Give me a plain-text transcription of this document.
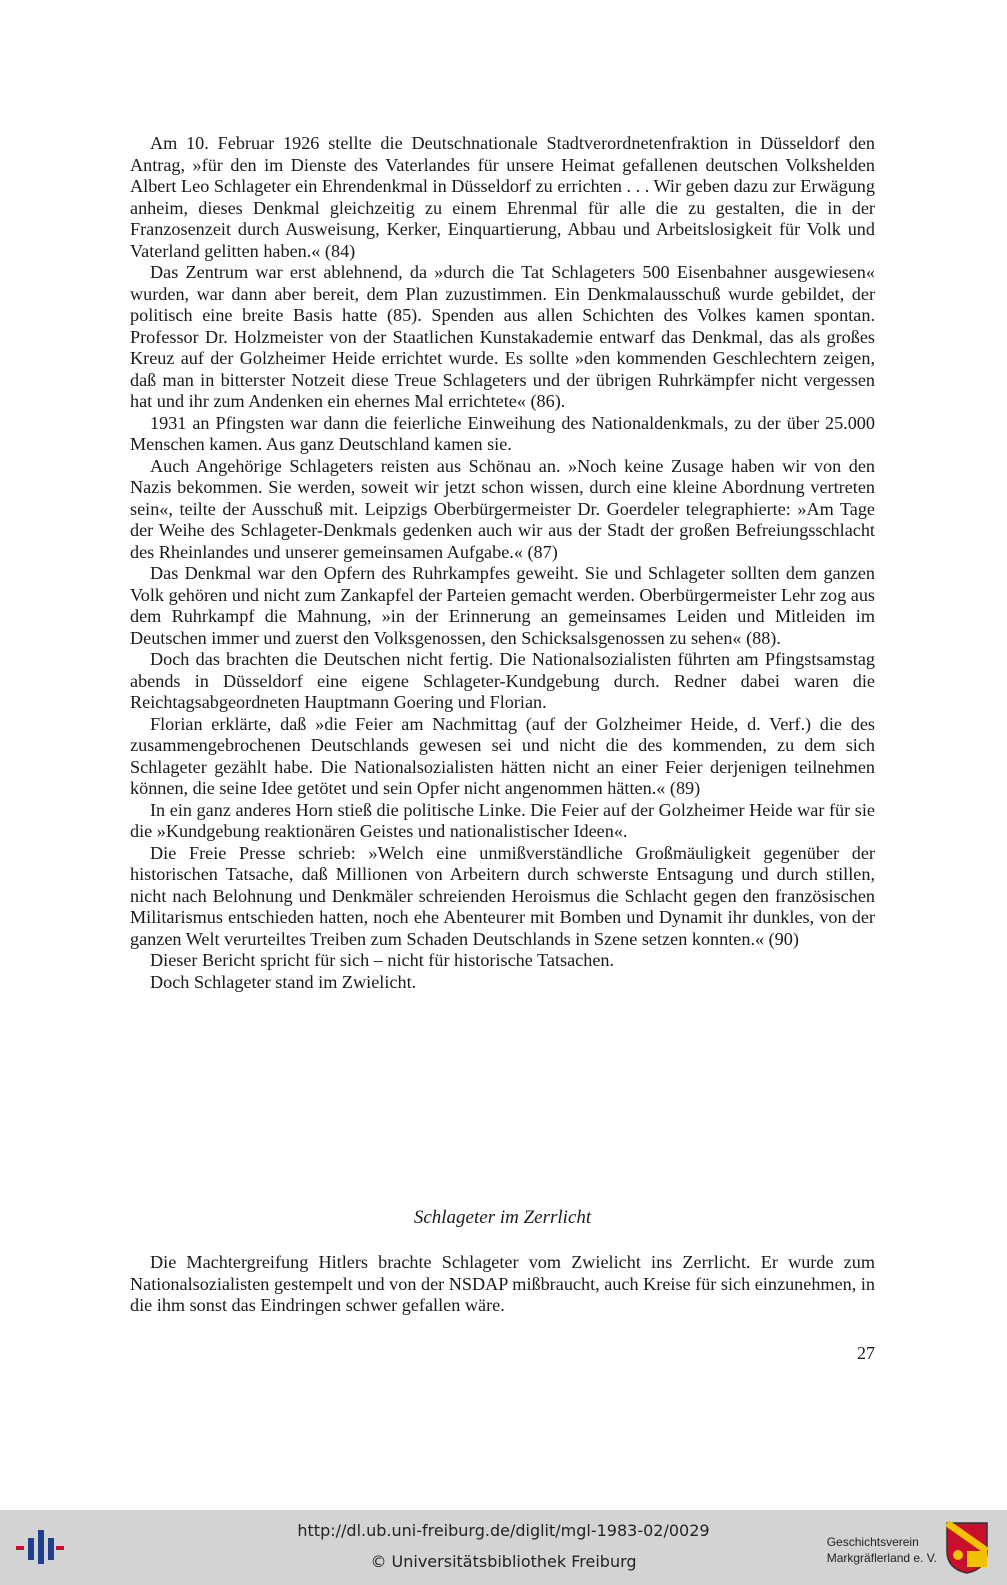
Am 10. Februar 1926 stellte die Deutschnationale Stadtverordnetenfraktion in Düsseldorf den Antrag, »für den im Dienste des Vaterlandes für unsere Heimat gefallenen deutschen Volkshelden Albert Leo Schlageter ein Ehrendenkmal in Düsseldorf zu errichten . . . Wir geben dazu zur Erwägung anheim, dieses Denkmal gleichzeitig zu einem Ehrenmal für alle die zu gestalten, die in der Franzosenzeit durch Ausweisung, Kerker, Einquartierung, Abbau und Arbeitslosigkeit für Volk und Vaterland gelitten haben.« (84)

Das Zentrum war erst ablehnend, da »durch die Tat Schlageters 500 Eisenbahner ausgewiesen« wurden, war dann aber bereit, dem Plan zuzustimmen. Ein Denkmalausschuß wurde gebildet, der politisch eine breite Basis hatte (85). Spenden aus allen Schichten des Volkes kamen spontan. Professor Dr. Holzmeister von der Staatlichen Kunstakademie entwarf das Denkmal, das als großes Kreuz auf der Golzheimer Heide errichtet wurde. Es sollte »den kommenden Geschlechtern zeigen, daß man in bitterster Notzeit diese Treue Schlageters und der übrigen Ruhrkämpfer nicht vergessen hat und ihr zum Andenken ein ehernes Mal errichtete« (86).

1931 an Pfingsten war dann die feierliche Einweihung des Nationaldenkmals, zu der über 25.000 Menschen kamen. Aus ganz Deutschland kamen sie.

Auch Angehörige Schlageters reisten aus Schönau an. »Noch keine Zusage haben wir von den Nazis bekommen. Sie werden, soweit wir jetzt schon wissen, durch eine kleine Abordnung vertreten sein«, teilte der Ausschuß mit. Leipzigs Oberbürgermeister Dr. Goerdeler telegraphierte: »Am Tage der Weihe des Schlageter-Denkmals gedenken auch wir aus der Stadt der großen Befreiungsschlacht des Rheinlandes und unserer gemeinsamen Aufgabe.« (87)

Das Denkmal war den Opfern des Ruhrkampfes geweiht. Sie und Schlageter sollten dem ganzen Volk gehören und nicht zum Zankapfel der Parteien gemacht werden. Oberbürgermeister Lehr zog aus dem Ruhrkampf die Mahnung, »in der Erinnerung an gemeinsames Leiden und Mitleiden im Deutschen immer und zuerst den Volksgenossen, den Schicksalsgenossen zu sehen« (88).

Doch das brachten die Deutschen nicht fertig. Die Nationalsozialisten führten am Pfingstsamstag abends in Düsseldorf eine eigene Schlageter-Kundgebung durch. Redner dabei waren die Reichtagsabgeordneten Hauptmann Goering und Florian.

Florian erklärte, daß »die Feier am Nachmittag (auf der Golzheimer Heide, d. Verf.) die des zusammengebrochenen Deutschlands gewesen sei und nicht die des kommenden, zu dem sich Schlageter gezählt habe. Die Nationalsozialisten hätten nicht an einer Feier derjenigen teilnehmen können, die seine Idee getötet und sein Opfer nicht angenommen hätten.« (89)

In ein ganz anderes Horn stieß die politische Linke. Die Feier auf der Golzheimer Heide war für sie die »Kundgebung reaktionären Geistes und nationalistischer Ideen«.

Die Freie Presse schrieb: »Welch eine unmißverständliche Großmäuligkeit gegenüber der historischen Tatsache, daß Millionen von Arbeitern durch schwerste Entsagung und durch stillen, nicht nach Belohnung und Denkmäler schreienden Heroismus die Schlacht gegen den französischen Militarismus entschieden hatten, noch ehe Abenteurer mit Bomben und Dynamit ihr dunkles, von der ganzen Welt verurteiltes Treiben zum Schaden Deutschlands in Szene setzen konnten.« (90)

Dieser Bericht spricht für sich – nicht für historische Tatsachen.

Doch Schlageter stand im Zwielicht.

Schlageter im Zerrlicht

Die Machtergreifung Hitlers brachte Schlageter vom Zwielicht ins Zerrlicht. Er wurde zum Nationalsozialisten gestempelt und von der NSDAP mißbraucht, auch Kreise für sich einzunehmen, in die ihm sonst das Eindringen schwer gefallen wäre.

27
http://dl.ub.uni-freiburg.de/diglit/mgl-1983-02/0029
© Universitätsbibliothek Freiburg
Geschichtsverein
Markgräflerland e. V.
